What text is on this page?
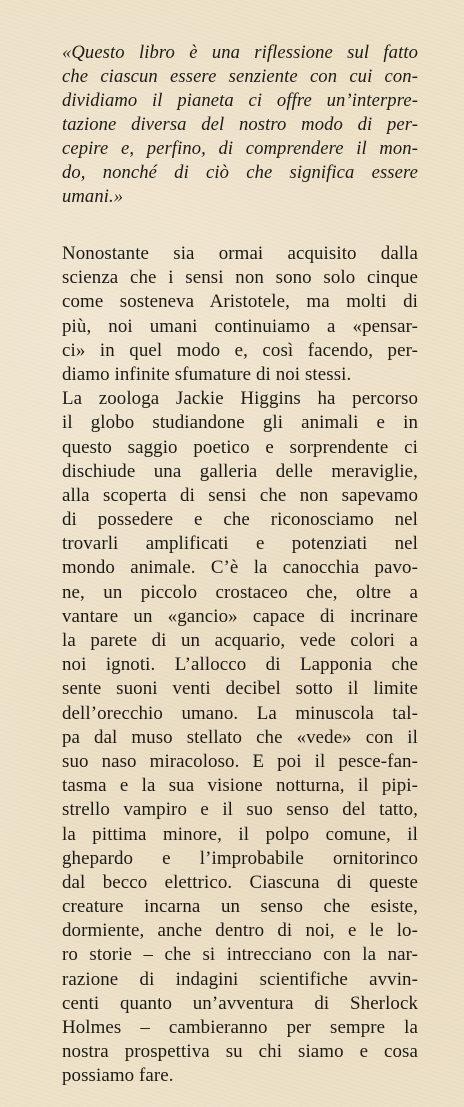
«Questo libro è una riflessione sul fatto
che ciascun essere senziente con cui con-
dividiamo il pianeta ci offre un’interpre-
tazione diversa del nostro modo di per-
cepire e, perfino, di comprendere il mon-
do, nonché di ciò che significa essere
umani.»
Nonostante sia ormai acquisito dalla
scienza che i sensi non sono solo cinque
come sosteneva Aristotele, ma molti di
più, noi umani continuiamo a «pensar-
ci» in quel modo e, così facendo, per-
diamo infinite sfumature di noi stessi.
La zoologa Jackie Higgins ha percorso
il globo studiandone gli animali e in
questo saggio poetico e sorprendente ci
dischiude una galleria delle meraviglie,
alla scoperta di sensi che non sapevamo
di possedere e che riconosciamo nel
trovarli amplificati e potenziati nel
mondo animale. C’è la canocchia pavo-
ne, un piccolo crostaceo che, oltre a
vantare un «gancio» capace di incrinare
la parete di un acquario, vede colori a
noi ignoti. L’allocco di Lapponia che
sente suoni venti decibel sotto il limite
dell’orecchio umano. La minuscola tal-
pa dal muso stellato che «vede» con il
suo naso miracoloso. E poi il pesce-fan-
tasma e la sua visione notturna, il pipi-
strello vampiro e il suo senso del tatto,
la pittima minore, il polpo comune, il
ghepardo e l’improbabile ornitorinco
dal becco elettrico. Ciascuna di queste
creature incarna un senso che esiste,
dormiente, anche dentro di noi, e le lo-
ro storie – che si intrecciano con la nar-
razione di indagini scientifiche avvin-
centi quanto un’avventura di Sherlock
Holmes – cambieranno per sempre la
nostra prospettiva su chi siamo e cosa
possiamo fare.
